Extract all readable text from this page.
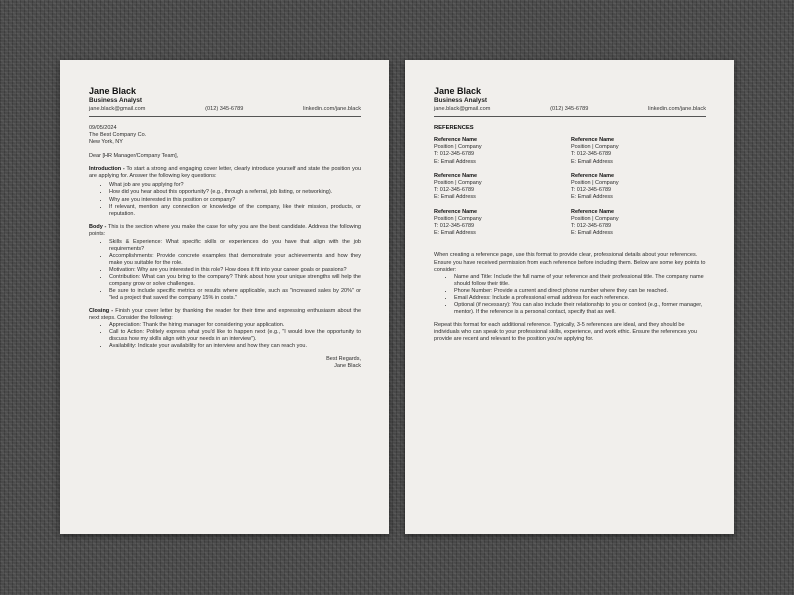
Jane Black
Business Analyst
jane.black@gmail.com	(012) 345-6789	linkedin.com/jane.black

09/05/2024

The Best Company Co.

New York, NY

Dear [HR Manager/Company Team],

Introduction - To start a strong and engaging cover letter, clearly introduce yourself and state the position you are applying for. Answer the following key questions:

• What job are you applying for?
• How did you hear about this opportunity? (e.g., through a referral, job listing, or networking).
• Why are you interested in this position or company?
• If relevant, mention any connection or knowledge of the company, like their mission, products, or reputation.

Body - This is the section where you make the case for why you are the best candidate. Address the following points:

• Skills & Experience: What specific skills or experiences do you have that align with the job requirements?
• Accomplishments: Provide concrete examples that demonstrate your achievements and how they make you suitable for the role.
• Motivation: Why are you interested in this role? How does it fit into your career goals or passions?
• Contribution: What can you bring to the company? Think about how your unique strengths will help the company grow or solve challenges.
• Be sure to include specific metrics or results where applicable, such as "increased sales by 20%" or "led a project that saved the company 15% in costs."

Closing - Finish your cover letter by thanking the reader for their time and expressing enthusiasm about the next steps. Consider the following:

• Appreciation: Thank the hiring manager for considering your application.
• Call to Action: Politely express what you'd like to happen next (e.g., "I would love the opportunity to discuss how my skills align with your needs in an interview").
• Availability: Indicate your availability for an interview and how they can reach you.

Best Regards,

Jane Black

Jane Black
Business Analyst
jane.black@gmail.com	(012) 345-6789	linkedin.com/jane.black
REFERENCES
Reference Name
Position | Company
T: 012-345-6789
E: Email Address
Reference Name
Position | Company
T: 012-345-6789
E: Email Address
Reference Name
Position | Company
T: 012-345-6789
E: Email Address
Reference Name
Position | Company
T: 012-345-6789
E: Email Address
Reference Name
Position | Company
T: 012-345-6789
E: Email Address
Reference Name
Position | Company
T: 012-345-6789
E: Email Address

When creating a reference page, use this format to provide clear, professional details about your references. Ensure you have received permission from each reference before including them. Below are some key points to consider:

• Name and Title: Include the full name of your reference and their professional title. The company name should follow their title.
• Phone Number: Provide a current and direct phone number where they can be reached.
• Email Address: Include a professional email address for each reference.
• Optional (if necessary): You can also include their relationship to you or context (e.g., former manager, mentor). If the reference is a personal contact, specify that as well.

Repeat this format for each additional reference. Typically, 3-5 references are ideal, and they should be individuals who can speak to your professional skills, experience, and work ethic. Ensure the references you provide are recent and relevant to the position you're applying for.
